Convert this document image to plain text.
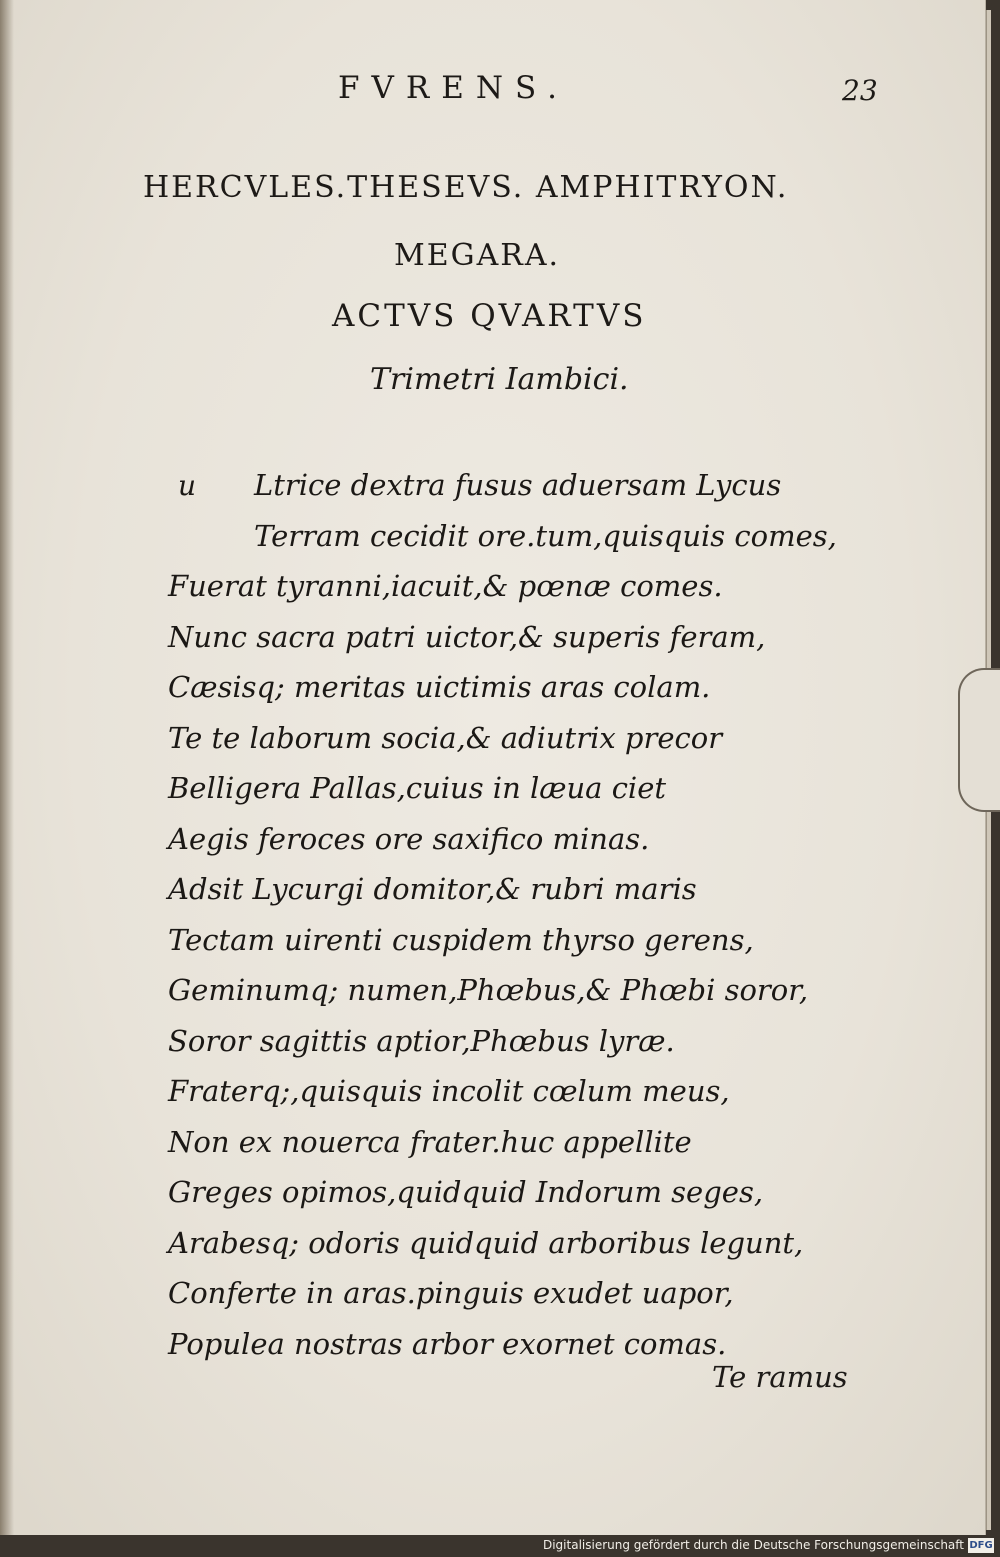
FVRENS.	23
HERCVLES.THESEVS. AMPHITRYON.
MEGARA.
ACTVS QVARTVS
Trimetri Iambici.
u Ltrice dextra fusus aduersam Lycus
Terram cecidit ore.tum,quisquis comes,
Fuerat tyranni,iacuit,& pœnæ comes.
Nunc sacra patri uictor,& superis feram,
Cæsisq; meritas uictimis aras colam.
Te te laborum socia,& adiutrix precor
Belligera Pallas,cuius in læua ciet
Aegis feroces ore saxifico minas.
Adsit Lycurgi domitor,& rubri maris
Tectam uirenti cuspidem thyrso gerens,
Geminumq; numen,Phœbus,& Phœbi soror,
Soror sagittis aptior,Phœbus lyræ.
Fraterq;,quisquis incolit cœlum meus,
Non ex nouerca frater.huc appellite
Greges opimos,quidquid Indorum seges,
Arabesq; odoris quidquid arboribus legunt,
Conferte in aras.pinguis exudet uapor,
Populea nostras arbor exornet comas.
Te ramus
Digitalisierung gefördert durch die Deutsche Forschungsgemeinschaft DFG
